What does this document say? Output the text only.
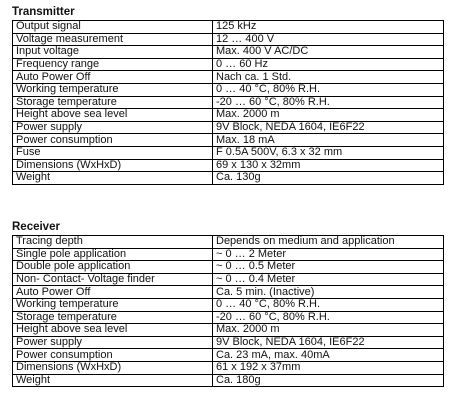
Transmitter
Output signal	125 kHz
Voltage measurement	12 … 400 V
Input voltage	Max. 400 V AC/DC
Frequency range	0 … 60 Hz
Auto Power Off	Nach ca. 1 Std.
Working temperature	0 … 40 °C, 80% R.H.
Storage temperature	-20 … 60 °C, 80% R.H.
Height above sea level	Max. 2000 m
Power supply	9V Block, NEDA 1604, IE6F22
Power consumption	Max. 18 mA
Fuse	F 0.5A 500V, 6.3 x 32 mm
Dimensions (WxHxD)	69 x 130 x 32mm
Weight	Ca. 130g
Receiver
Tracing depth	Depends on medium and application
Single pole application	~ 0 … 2 Meter
Double pole application	~ 0 … 0.5 Meter
Non- Contact- Voltage finder	~ 0 … 0.4 Meter
Auto Power Off	Ca. 5 min. (Inactive)
Working temperature	0 … 40 °C, 80% R.H.
Storage temperature	-20 … 60 °C, 80% R.H.
Height above sea level	Max. 2000 m
Power supply	9V Block, NEDA 1604, IE6F22
Power consumption	Ca. 23 mA, max. 40mA
Dimensions (WxHxD)	61 x 192 x 37mm
Weight	Ca. 180g
